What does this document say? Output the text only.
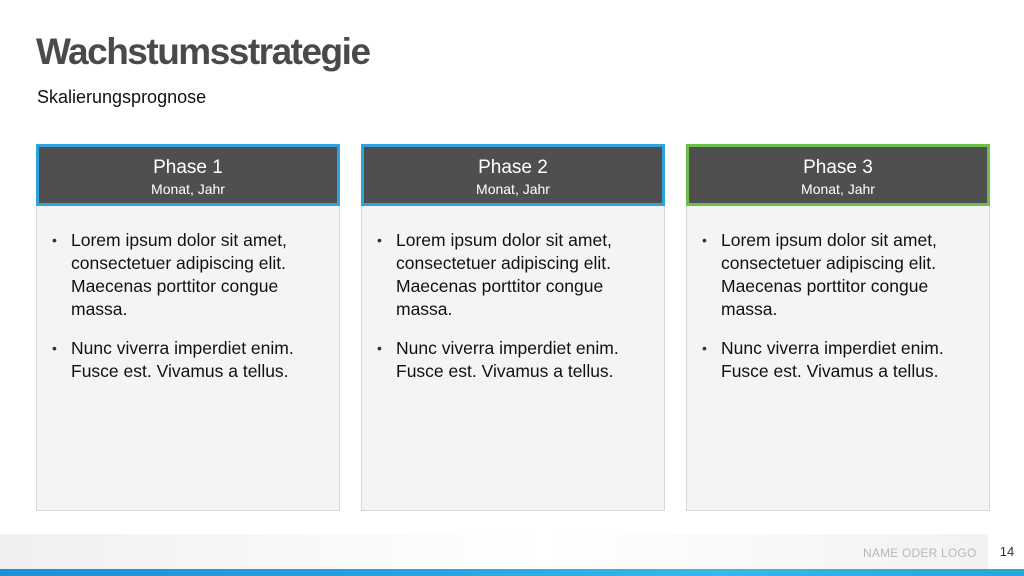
Wachstumsstrategie

Skalierungsprognose

• Lorem ipsum dolor sit amet, consectetuer adipiscing elit. Maecenas porttitor congue massa.
• Nunc viverra imperdiet enim. Fusce est. Vivamus a tellus.
Phase 1
Monat, Jahr
• Lorem ipsum dolor sit amet, consectetuer adipiscing elit. Maecenas porttitor congue massa.
• Nunc viverra imperdiet enim. Fusce est. Vivamus a tellus.
Phase 2
Monat, Jahr
• Lorem ipsum dolor sit amet, consectetuer adipiscing elit. Maecenas porttitor congue massa.
• Nunc viverra imperdiet enim. Fusce est. Vivamus a tellus.
Phase 3
Monat, Jahr
NAME ODER LOGO	14
